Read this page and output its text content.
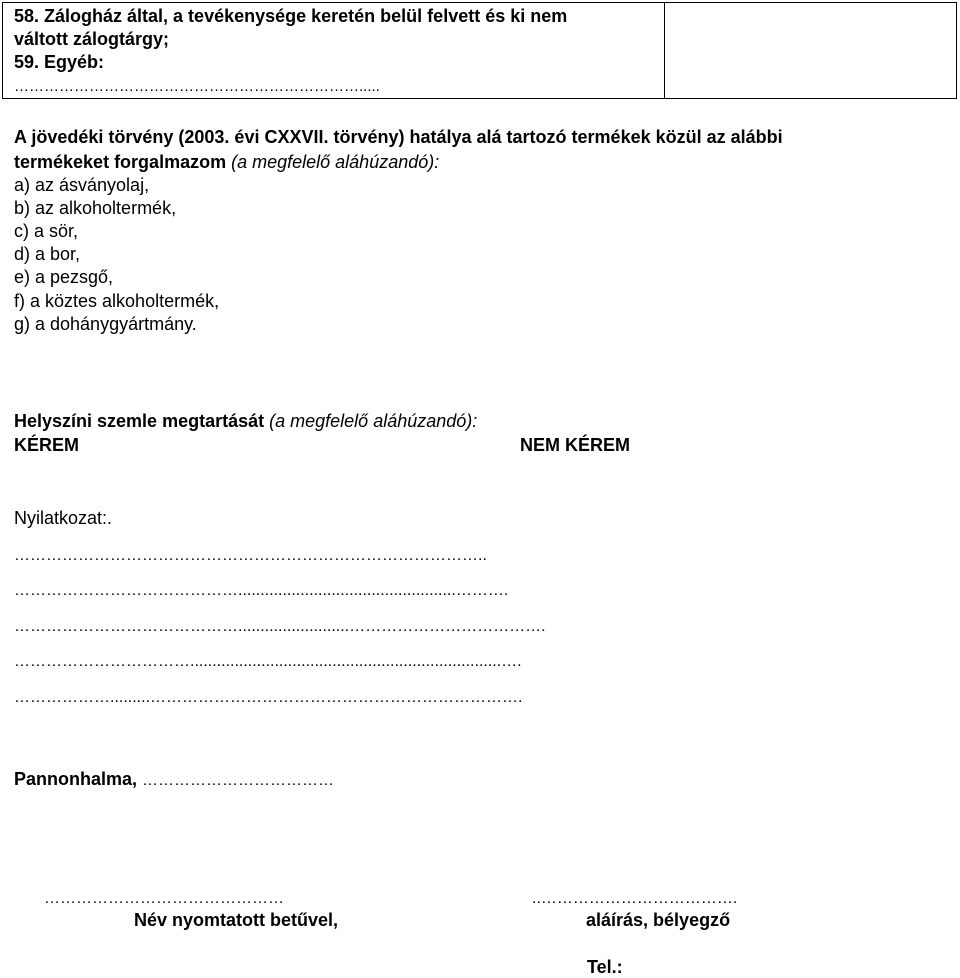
58. Zálogház által, a tevékenysége keretén belül felvett és ki nem
váltott zálogtárgy;
59. Egyéb:
…………………………………………………………….....
A jövedéki törvény (2003. évi CXXVII. törvény) hatálya alá tartozó termékek közül az alábbi
termékeket forgalmazom (a megfelelő aláhúzandó):
a) az ásványolaj,
b) az alkoholtermék,
c) a sör,
d) a bor,
e) a pezsgő,
f) a köztes alkoholtermék,
g) a dohánygyártmány.
Helyszíni szemle megtartását (a megfelelő aláhúzandó):
KÉREM	NEM KÉREM
Nyilatkozat:.
……………………………………………………………………………..
…………………………………….................................................……….
…………………………………….........................……………………………….
……………………………......................................................................….
……………….........…………………………………………………………….
Pannonhalma, ………………………………
………………………………………
Név nyomtatott betűvel,
..……………………………….
aláírás, bélyegző
Tel.:
